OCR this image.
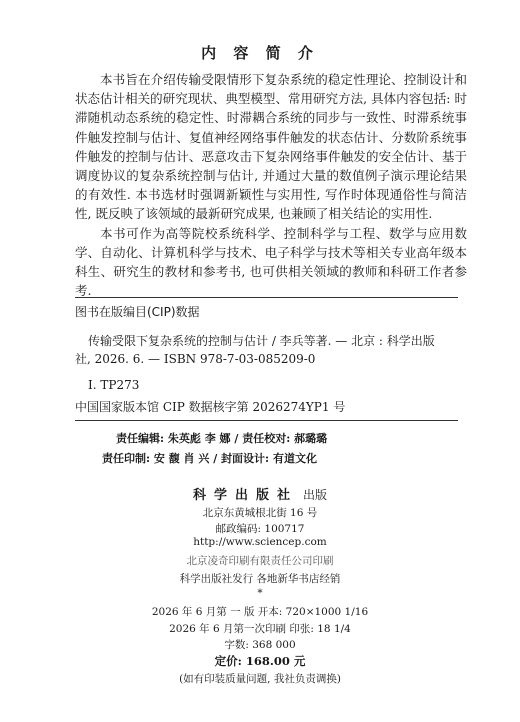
内 容 简 介

本书旨在介绍传输受限情形下复杂系统的稳定性理论、控制设计和状态估计相关的研究现状、典型模型、常用研究方法, 具体内容包括: 时滞随机动态系统的稳定性、时滞耦合系统的同步与一致性、时滞系统事件触发控制与估计、复值神经网络事件触发的状态估计、分数阶系统事件触发的控制与估计、恶意攻击下复杂网络事件触发的安全估计、基于调度协议的复杂系统控制与估计, 并通过大量的数值例子演示理论结果的有效性. 本书选材时强调新颖性与实用性, 写作时体现通俗性与简洁性, 既反映了该领域的最新研究成果, 也兼顾了相关结论的实用性.

本书可作为高等院校系统科学、控制科学与工程、数学与应用数学、自动化、计算机科学与技术、电子科学与技术等相关专业高年级本科生、研究生的教材和参考书, 也可供相关领域的教师和科研工作者参考.

图书在版编目(CIP)数据
传输受限下复杂系统的控制与估计 / 李兵等著. — 北京 : 科学出版
社, 2026. 6. — ISBN 978-7-03-085209-0
Ⅰ. TP273
中国国家版本馆 CIP 数据核字第 2026274YP1 号
责任编辑: 朱英彪 李 娜 / 责任校对: 郝璐璐
责任印制: 安 馥 肖 兴 / 封面设计: 有道文化
科学出版社 出版
北京东黄城根北街 16 号
邮政编码: 100717
http://www.sciencep.com
北京凌奇印刷有限责任公司印刷
科学出版社发行 各地新华书店经销
*
2026 年 6 月第 一 版 开本: 720×1000 1/16
2026 年 6 月第一次印刷 印张: 18 1/4
字数: 368 000
定价: 168.00 元
(如有印装质量问题, 我社负责调换)
